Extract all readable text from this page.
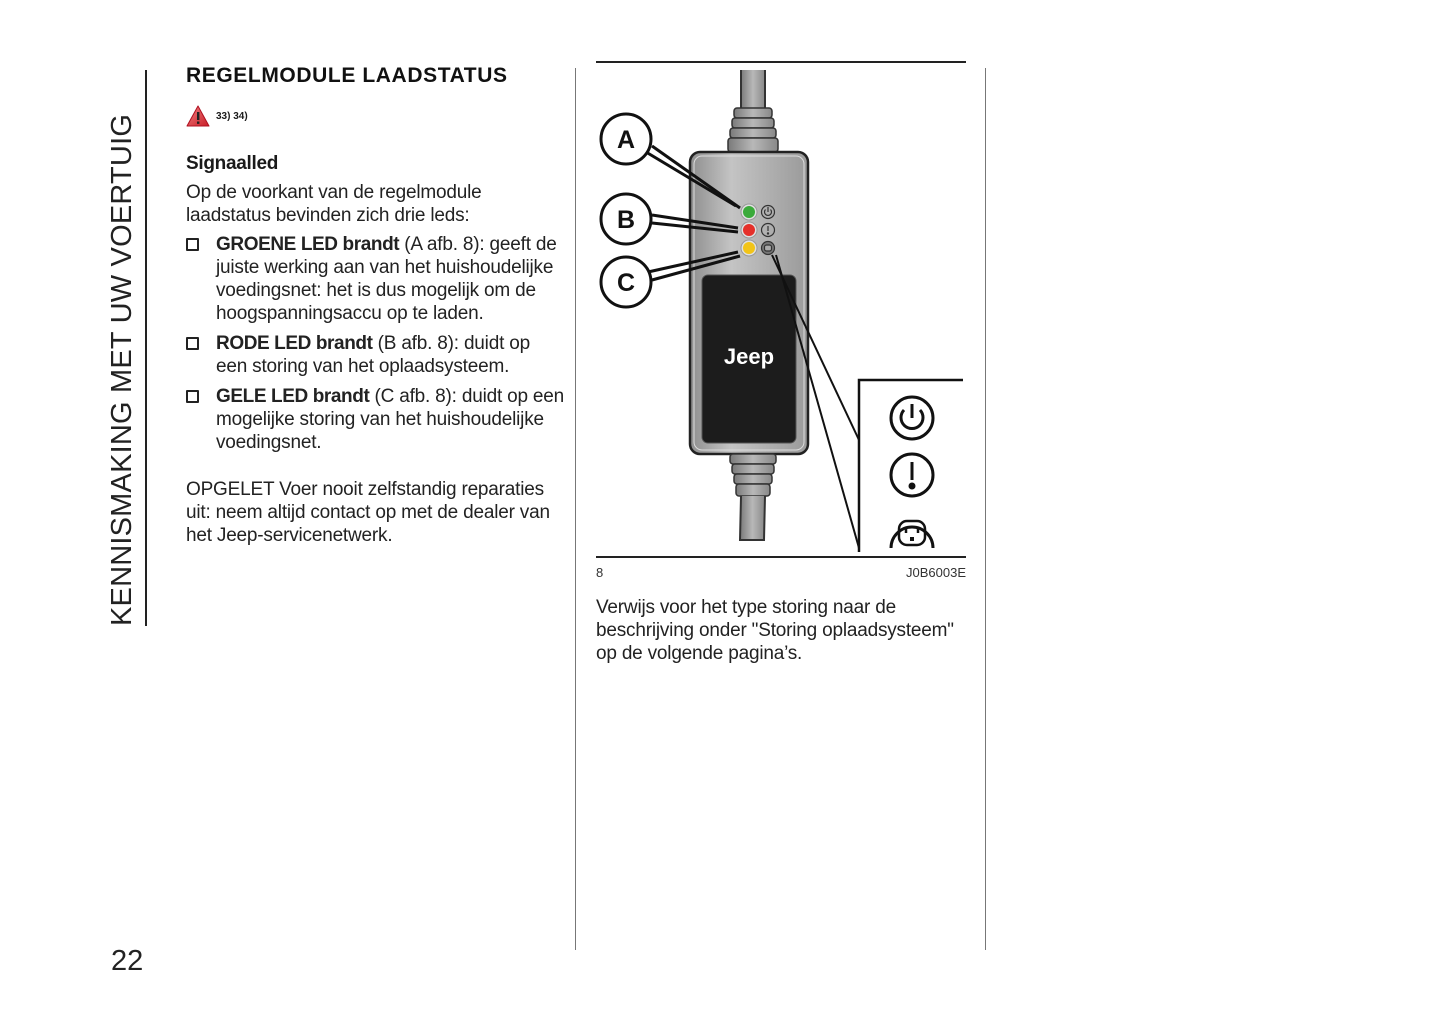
KENNISMAKING MET UW VOERTUIG
22
REGELMODULE LAADSTATUS
33) 34)
Signaalled
Op de voorkant van de regelmodule laadstatus bevinden zich drie leds:
GROENE LED brandt (A afb. 8): geeft de juiste werking aan van het huishoudelijke voedingsnet: het is dus mogelijk om de hoogspanningsaccu op te laden.
RODE LED brandt (B afb. 8): duidt op een storing van het oplaadsysteem.
GELE LED brandt (C afb. 8): duidt op een mogelijke storing van het huishoudelijke voedingsnet.
OPGELET Voer nooit zelfstandig reparaties uit: neem altijd contact op met de dealer van het Jeep-servicenetwerk.
Jeep
A
B
C
8	J0B6003E
Verwijs voor het type storing naar de beschrijving onder "Storing oplaadsysteem" op de volgende pagina’s.
